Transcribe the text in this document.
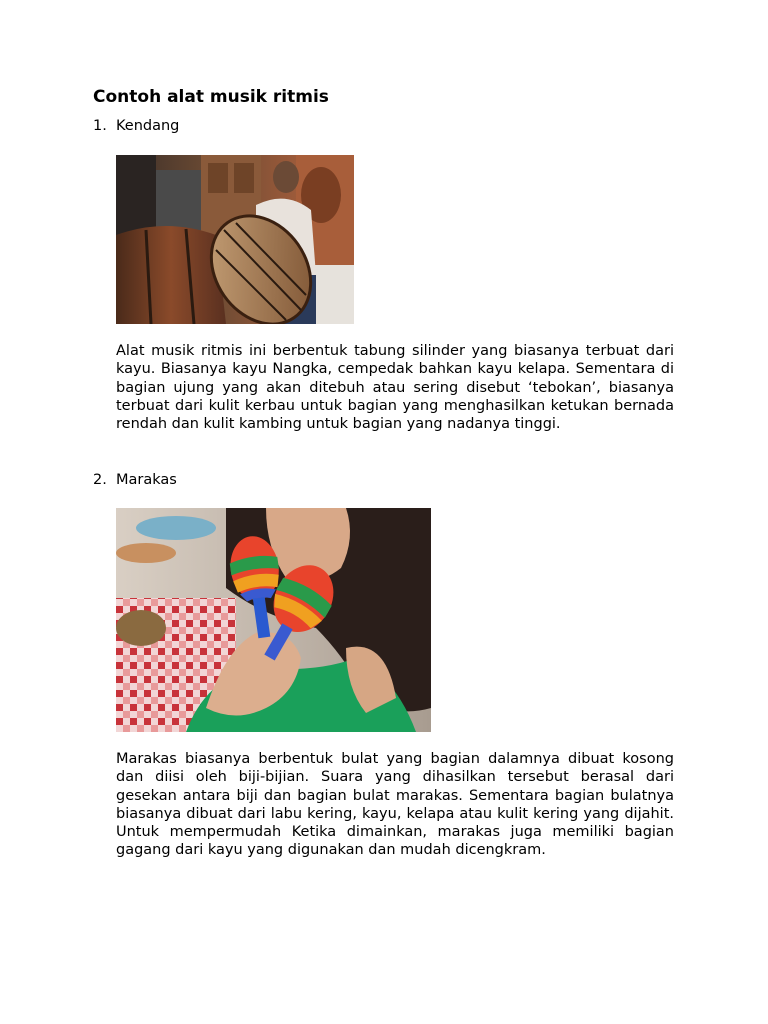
Contoh alat musik ritmis
1. Kendang

Alat musik ritmis ini berbentuk tabung silinder yang biasanya terbuat dari kayu. Biasanya kayu Nangka, cempedak bahkan kayu kelapa. Sementara di bagian ujung yang akan ditebuh atau sering disebut ‘tebokan’, biasanya terbuat dari kulit kerbau untuk bagian yang menghasilkan ketukan bernada rendah dan kulit kambing untuk bagian yang nadanya tinggi.

2. Marakas

Marakas biasanya berbentuk bulat yang bagian dalamnya dibuat kosong dan diisi oleh biji-bijian. Suara yang dihasilkan tersebut berasal dari gesekan antara biji dan bagian bulat marakas. Sementara bagian bulatnya biasanya dibuat dari labu kering, kayu, kelapa atau kulit kering yang dijahit. Untuk mempermudah Ketika dimainkan, marakas juga memiliki bagian gagang dari kayu yang digunakan dan mudah dicengkram.
